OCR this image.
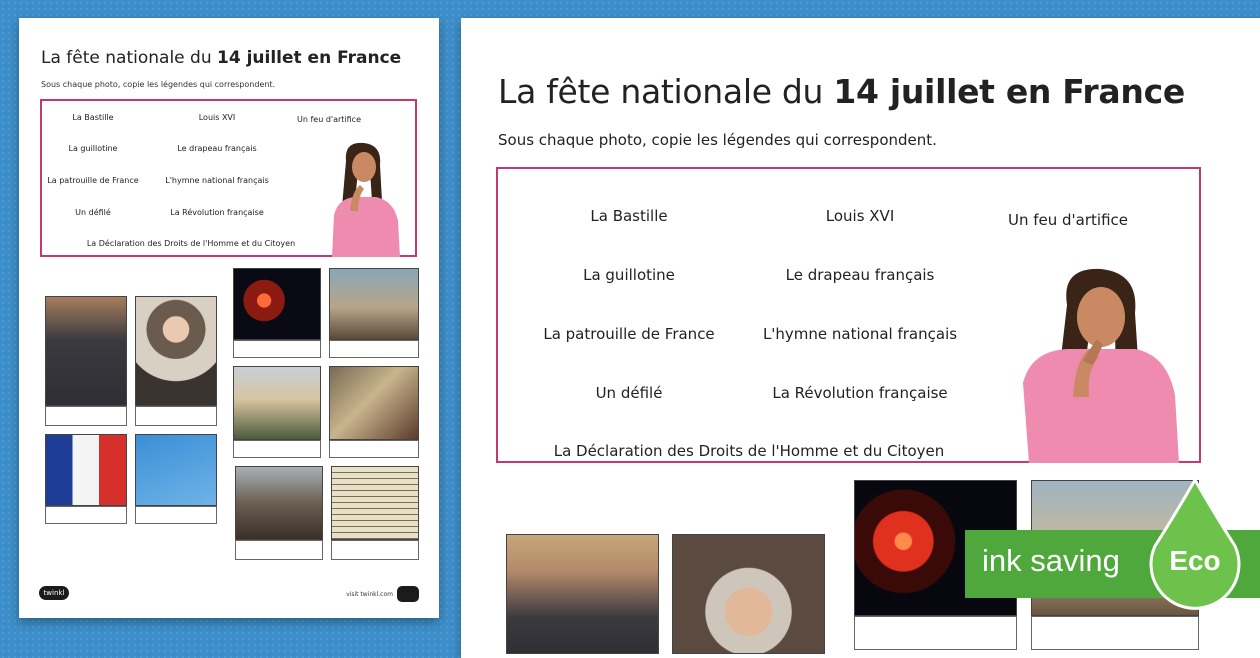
La fête nationale du 14 juillet en France
Sous chaque photo, copie les légendes qui correspondent.
La Bastille	Louis XVI	Un feu d'artifice
La guillotine	Le drapeau français
La patrouille de France	L'hymne national français
Un défilé	La Révolution française
La Déclaration des Droits de l'Homme et du Citoyen
twinkl	visit twinkl.com
La fête nationale du 14 juillet en France
Sous chaque photo, copie les légendes qui correspondent.
La Bastille	Louis XVI	Un feu d'artifice
La guillotine	Le drapeau français
La patrouille de France	L'hymne national français
Un défilé	La Révolution française
La Déclaration des Droits de l'Homme et du Citoyen
ink saving Eco
